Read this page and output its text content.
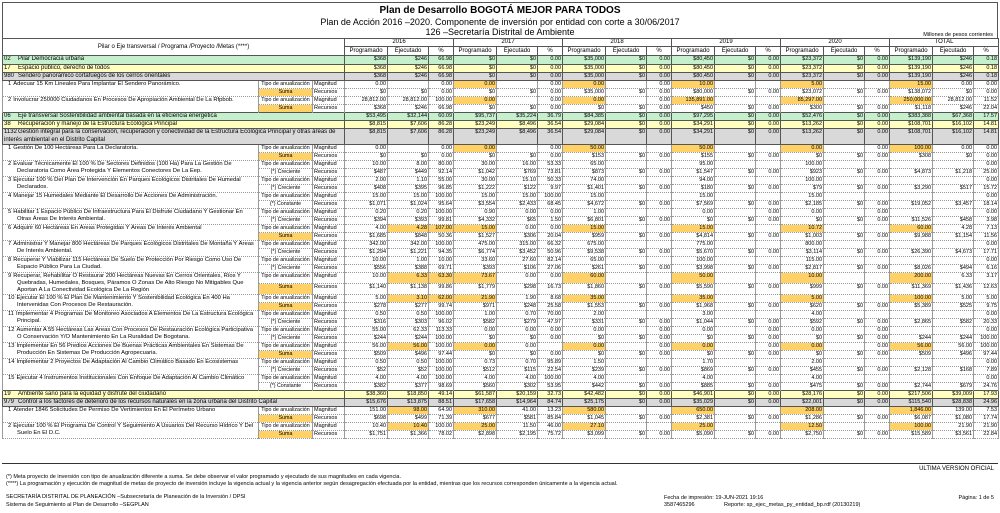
Plan de Desarrollo BOGOTÁ MEJOR PARA TODOS
Plan de Acción 2016 –2020. Componente de inversión por entidad con corte a 30/06/2017
126 –Secretaría Distrital de Ambiente	Millones de pesos corrientes
Pilar o Eje transversal / Programa /Proyecto /Metas (****)			2016			2017			2018			2019			2020			TOTAL		
			Programado	Ejecutado	%	Programado	Ejecutado	%	Programado	Ejecutado	%	Programado	Ejecutado	%	Programado	Ejecutado	%	Programado	Ejecutado	%
02 Pilar Democracia urbana			$368	$246	66.98	$0	$0	0.00	$35,000	$0	0.00	$80,450	$0	0.00	$23,372	$0	0.00	$139,190	$246	0.18
17 Espacio público, derecho de todos			$368	$246	66.98	$0	$0	0.00	$35,000	$0	0.00	$80,450	$0	0.00	$23,372	$0	0.00	$139,190	$246	0.18
980 Sendero panorámico cortafuegos de los cerros orientales			$368	$246	66.98	$0	$0	0.00	$35,000	$0	0.00	$80,450	$0	0.00	$23,372	$0	0.00	$139,190	$246	0.18
1 Adecuar 15 Km Lineales Para Implantar El Sendero Panorámico.	Tipo de anualización	Magnitud	0.00		0.00	0.00		0.00	0.00		0.00	10.00			5.00			15.00	0.00	0.00
	Suma	Recursos	$0	$0	0.00	$0	$0	0.00	$35,000	$0	0.00	$80,000	$0	0.00	$23,072	$0	0.00	$138,072	$0	0.00
2 Involucrar 250000 Ciudadanos En Procesos De Apropiación Ambiental De La Rfpbob.	Tipo de anualización	Magnitud	28,812.00	28,812.00	100.00	0.00		0.00	0.00		0.00	135,891.00			85,297.00			250,000.00	28,812.00	11.52
	Suma	Recursos	$368	$246	66.98	$0	$0	0.00	$0	$0	0.00	$450	$0	0.00	$300	$0	0.00	$1,118	$246	22.04
06 Eje transversal Sostenibilidad ambiental basada en la eficiencia energética			$53,495	$32,144	60.09	$95,737	$35,224	36.79	$84,385	$0	0.00	$97,295	$0	0.00	$52,476	$0	0.00	$383,388	$67,368	17.57
38 Recuperación y manejo de la Estructura Ecológica Principal			$8,815	$7,606	86.28	$23,249	$8,496	36.54	$29,084	$0	0.00	$34,291	$0	0.00	$13,262	$0	0.00	$108,701	$16,102	14.81
1132Gestión integral para la conservación, recuperación y conectividad de la Estructura Ecológica Principal y otras áreas de interés ambiental en el Distrito Capital			$8,815	$7,606	86.28	$23,249	$8,496	36.54	$29,084	$0	0.00	$34,291	$0	0.00	$13,262	$0	0.00	$108,701	$16,102	14.81
1 Gestión De 100 Hectáreas Para La Declaratoria.	Tipo de anualización	Magnitud	0.00		0.00	0.00		0.00	50.00			50.00			0.00		0.00	100.00	0.00	0.00
	Suma	Recursos	$0	$0	0.00	$0	$0	0.00	$153	$0	0.00	$155	$0	0.00	$0	$0	0.00	$308	$0	0.00
2 Evaluar Técnicamente El 100 % De Sectores Definidos (100 Ha) Para La Gestión De Declaratoria Como Área Protegida Y Elementos Conectores De La Eep.	Tipo de anualización	Magnitud	10.00	8.00	80.00	30.00	16.00	53.33	65.00			95.00			100.00					0.00
	(*) Creciente	Recursos	$487	$449	92.14	$1,042	$769	73.81	$873	$0	0.00	$1,547	$0	0.00	$923	$0	0.00	$4,873	$1,218	25.00
3 Ejecutar 100 % Del Plan De Intervención En Parques Ecológicos Distritales De Humedal Declarados.	Tipo de anualización	Magnitud	2.00	1.10	55.00	30.00	15.10	50.33	74.00			94.00			100.00					0.00
	(*) Creciente	Recursos	$408	$395	96.85	$1,222	$122	9.97	$1,401	$0	0.00	$180	$0	0.00	$79	$0	0.00	$3,290	$517	15.72
4 Manejar 15 Humedales Mediante El Desarrollo De Acciones De Administración.	Tipo de anualización	Magnitud	15.00	15.00	100.00	15.00	15.00	100.00	15.00			15.00			15.00					0.00
	(*) Constante	Recursos	$1,071	$1,024	95.64	$3,554	$2,433	68.45	$4,672	$0	0.00	$7,569	$0	0.00	$2,185	$0	0.00	$19,052	$3,457	18.14
5 Habilitar 1 Espacio Público De Infraestructura Para El Disfrute Ciudadano Y Gestionar En Otras Áreas De Interés Ambiental.	Tipo de anualización	Magnitud	0.20	0.20	100.00	0.90	0.00	0.00	1.00			0.00		0.00	0.00		0.00			0.00
	(*) Creciente	Recursos	$394	$393	99.81	$4,332	$65	1.50	$6,801	$0	0.00	$0	$0	0.00	$0	$0	0.00	$11,526	$458	3.98
6 Adquirir 60 Hectáreas En Áreas Protegidas Y Áreas De Interés Ambiental	Tipo de anualización	Magnitud	4.00	4.28	107.00	15.00	0.00	0.00	15.00			15.00			10.72			60.00	4.28	7.13
	Suma	Recursos	$1,685	$848	50.36	$1,527	$306	20.04	$959	$0	0.00	$4,814	$0	0.00	$1,003	$0	0.00	$9,988	$1,154	11.56
7 Administrar Y Manejar 800 Hectáreas De Parques Ecológicos Distritales De Montaña Y Áreas De Interés Ambiental.	Tipo de anualización	Magnitud	342.00	342.00	100.00	475.00	315.00	66.32	675.00			775.00			800.00					0.00
	(*) Creciente	Recursos	$1,294	$1,221	94.35	$6,774	$3,452	50.96	$9,538	$0	0.00	$5,670	$0	0.00	$3,114	$0	0.00	$26,390	$4,673	17.71
8 Recuperar Y Viabilizar 115 Hectáreas De Suelo De Protección Por Riesgo Como Uso De Espacio Público Para La Ciudad.	Tipo de anualización	Magnitud	10.00	1.00	10.00	33.60	27.60	82.14	65.00			100.00			115.00					0.00
	(*) Creciente	Recursos	$556	$388	69.71	$393	$106	27.06	$261	$0	0.00	$3,998	$0	0.00	$2,817	$0	0.00	$8,026	$494	6.16
9 Recuperar, Rehabilitar O Restaurar 200 Hectáreas Nuevas En Cerros Orientales, Ríos Y Quebradas, Humedales, Bosques, Páramos O Zonas De Alto Riesgo No Mitigables Que Aportan A La Conectividad Ecológica De La Región	Tipo de anualización	Magnitud	10.00	6.33	63.30	73.67	0.00	0.00	60.00			50.00			10.00			200.00	6.33	3.17
	Suma	Recursos	$1,140	$1,138	99.86	$1,779	$298	16.73	$1,860	$0	0.00	$5,590	$0	0.00	$999	$0	0.00	$11,369	$1,436	12.63
10 Ejecutar El 100 % El Plan De Mantenimiento Y Sostenibilidad Ecológica En 400 Ha Intervenidas Con Procesos De Restauración.	Tipo de anualización	Magnitud	5.00	3.10	62.00	21.90	1.90	8.68	35.00			35.00			5.00			100.00	5.00	5.00
	Suma	Recursos	$278	$277	99.74	$971	$248	25.58	$1,553	$0	0.00	$1,968	$0	0.00	$620	$0	0.00	$5,389	$525	9.75
11 Implementar 4 Programas De Monitoreo Asociados A Elementos De La Estructura Ecológica Principal.	Tipo de anualización	Magnitud	0.50	0.50	100.00	1.00	0.70	70.00	2.00			3.00			4.00					0.00
	(*) Creciente	Recursos	$316	$303	96.02	$582	$279	47.97	$331	$0	0.00	$1,044	$0	0.00	$592	$0	0.00	$2,865	$582	20.33
12 Aumentar A 55 Hectáreas Las Áreas Con Procesos De Restauración Ecológica Participativa O Conservación Y/O Mantenimiento En La Ruralidad De Bogotana.	Tipo de anualización	Magnitud	55.00	62.33	113.33	0.00	0.00	0.00	0.00		0.00	0.00		0.00	0.00		0.00			0.00
	(*) Creciente	Recursos	$244	$244	100.00	$0	$0	0.00	$0	$0	0.00	$0	$0	0.00	$0	$0	0.00	$244	$244	100.00
13 Implementar En 56 Predios Acciones De Buenas Prácticas Ambientales En Sistemas De Producción En Sistemas De Producción Agropecuaria.	Tipo de anualización	Magnitud	56.00	56.00	100.00	0.00	0.00		0.00		0.00	0.00		0.00	0.00		0.00	56.00	56.00	100.00
	Suma	Recursos	$509	$496	97.44	$0	$0	0.00	$0	$0	0.00	$0	$0	0.00	$0	$0	0.00	$509	$496	97.44
14 Implementar 2 Proyectos De Adaptación Al Cambio Climático Basado En Ecosistemas	Tipo de anualización	Magnitud	0.50	0.50	100.00	0.73	0.70	95.89	1.50			1.70			2.00					0.00
	(*) Creciente	Recursos	$52	$52	100.00	$512	$115	22.54	$239	$0	0.00	$869	$0	0.00	$455	$0	0.00	$2,128	$168	7.89
15 Ejecutar 4 Instrumentos Institucionales Con Enfoque De Adaptación Al Cambio Climático	Tipo de anualización	Magnitud	4.00	4.00	100.00	4.00	4.00	100.00	4.00			4.00			4.00					0.00
	(*) Constante	Recursos	$382	$377	98.69	$560	$302	53.95	$442	$0	0.00	$885	$0	0.00	$475	$0	0.00	$2,744	$679	24.76
19 Ambiente sano para la equidad y disfrute del ciudadano			$38,360	$18,850	49.14	$61,587	$20,159	32.73	$42,482	$0	0.00	$46,901	$0	0.00	$28,176	$0	0.00	$217,506	$39,009	17.93
979 Control a los factores de deterioro de los recursos naturales en la zona urbana del Distrito Capital			$15,676	$13,875	88.51	$17,658	$14,964	84.74	$25,175	$0	0.00	$35,029	$0	0.00	$22,001	$0	0.00	$115,540	$28,838	24.96
1 Atender 1846 Solicitudes De Permiso De Vertimientos En El Perímetro Urbano	Tipo de anualización	Magnitud	151.00	98.00	64.90	310.00	41.00	13.23	580.00			650.00			208.00			1,846.00	139.00	7.53
	Suma	Recursos	$698	$499	71.39	$677	$581	85.84	$1,045	$0	0.00	$2,381	$0	0.00	$1,286	$0	0.00	$6,087	$1,080	17.74
2 Ejecutar 100 % El Programa De Control Y Seguimiento A Usuarios Del Recurso Hídrico Y Del Suelo En El D.C.	Tipo de anualización	Magnitud	10.40	10.40	100.00	25.00	11.50	46.00	27.10			25.00			12.50			100.00	21.90	21.90
	Suma	Recursos	$1,751	$1,366	78.02	$2,898	$2,195	75.72	$3,099	$0	0.00	$5,090	$0	0.00	$2,750	$0	0.00	$15,589	$3,561	22.84
ULTIMA VERSION OFICIAL
(*) Meta proyecto de inversión con tipo de anualización diferente a suma. Se debe observar el valor programado y ejecutado de sus magnitudes en cada vigencia.
(****) La programación y ejecución de magnitud de metas de proyecto de inversión incluye la vigencia actual y la vigencia anterior según desagregación efectuada por la entidad, mientras que los recursos corresponden únicamente a la vigencia actual.
SECRETARÍA DISTRITAL DE PLANEACIÓN –Subsecretaría de Planeación de la Inversión / DPSI
Sistema de Seguimiento al Plan de Desarrollo –SEGPLAN
Fecha de impresión: 19-JUN-2021 19:16	Página: 1 de 5
3587465296	Reporte: sp_ejec_metas_py_entidad_bp.rdf (20130219)
